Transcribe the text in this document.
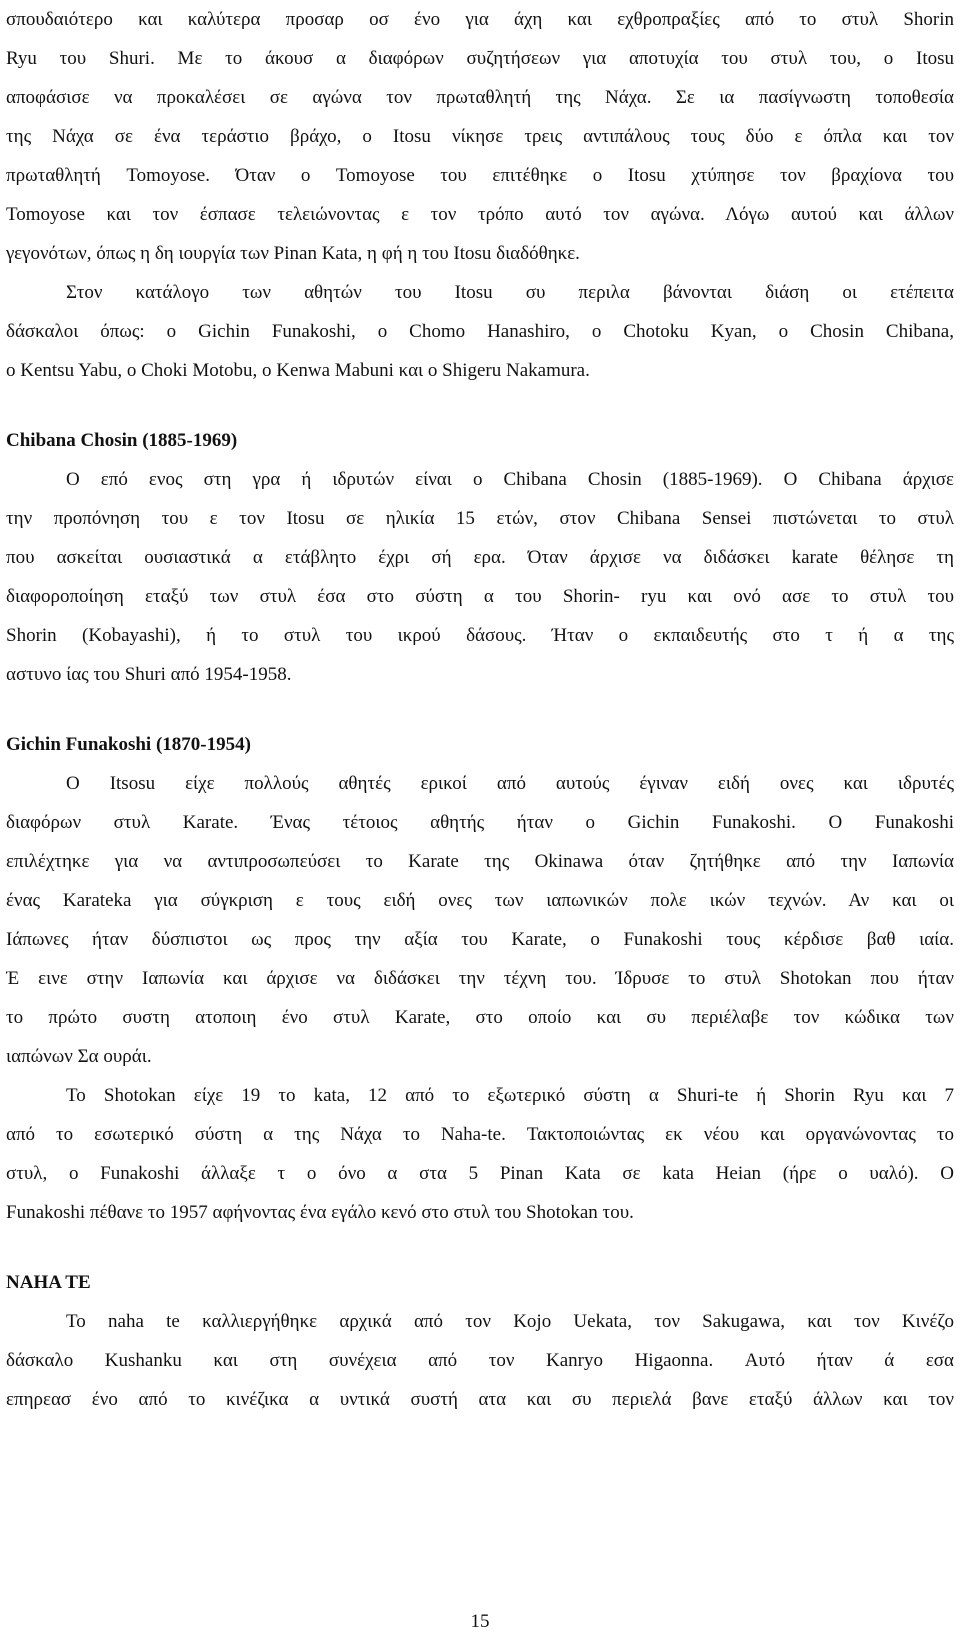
σπουδαιότερο και καλύτερα προσαρ οσ ένο για άχη και εχθροπραξίες από το στυλ Shorin
Ryu του Shuri. Με το άκουσ α διαφόρων συζητήσεων για αποτυχία του στυλ του, ο Itosu
αποφάσισε να προκαλέσει σε αγώνα τον πρωταθλητή της Νάχα. Σε ια πασίγνωστη τοποθεσία
της Νάχα σε ένα τεράστιο βράχο, ο Itosu νίκησε τρεις αντιπάλους τους δύο ε όπλα και τον
πρωταθλητή Tomoyose. Όταν ο Tomoyose του επιτέθηκε ο Itosu χτύπησε τον βραχίονα του
Tomoyose και τον έσπασε τελειώνοντας ε τον τρόπο αυτό τον αγώνα. Λόγω αυτού και άλλων
γεγονότων, όπως η δη ιουργία των Pinan Kata, η φή η του Itosu διαδόθηκε.
Στον κατάλογο των αθητών του Itosu συ περιλα βάνονται διάση οι ετέπειτα
δάσκαλοι όπως: ο Gichin Funakoshi, ο Chomo Hanashiro, ο Chotoku Kyan, ο Chosin Chibana,
ο Kentsu Yabu, ο Choki Motobu, ο Kenwa Mabuni και ο Shigeru Nakamura.
Chibana Chosin (1885-1969)
Ο επό ενος στη γρα ή ιδρυτών είναι ο Chibana Chosin (1885-1969). Ο Chibana άρχισε
την προπόνηση του ε τον Itosu σε ηλικία 15 ετών, στον Chibana Sensei πιστώνεται το στυλ
που ασκείται ουσιαστικά α ετάβλητο έχρι σή ερα. Όταν άρχισε να διδάσκει karate θέλησε τη
διαφοροποίηση εταξύ των στυλ έσα στο σύστη α του Shorin- ryu και ονό ασε το στυλ του
Shorin (Kobayashi), ή το στυλ του ικρού δάσους. Ήταν ο εκπαιδευτής στο τ ή α της
αστυνο ίας του Shuri από 1954-1958.
Gichin Funakoshi (1870-1954)
Ο Itsosu είχε πολλούς αθητές ερικοί από αυτούς έγιναν ειδή ονες και ιδρυτές
διαφόρων στυλ Karate. Ένας τέτοιος αθητής ήταν ο Gichin Funakoshi. Ο Funakoshi
επιλέχτηκε για να αντιπροσωπεύσει το Karate της Okinawa όταν ζητήθηκε από την Ιαπωνία
ένας Karateka για σύγκριση ε τους ειδή ονες των ιαπωνικών πολε ικών τεχνών. Αν και οι
Ιάπωνες ήταν δύσπιστοι ως προς την αξία του Karate, ο Funakoshi τους κέρδισε βαθ ιαία.
Έ εινε στην Ιαπωνία και άρχισε να διδάσκει την τέχνη του. Ίδρυσε το στυλ Shotokan που ήταν
το πρώτο συστη ατοποιη ένο στυλ Karate, στο οποίο και συ περιέλαβε τον κώδικα των
ιαπώνων Σα ουράι.
Το Shotokan είχε 19 το kata, 12 από το εξωτερικό σύστη α Shuri-te ή Shorin Ryu και 7
από το εσωτερικό σύστη α της Νάχα το Naha-te. Τακτοποιώντας εκ νέου και οργανώνοντας το
στυλ, ο Funakoshi άλλαξε τ ο όνο α στα 5 Pinan Kata σε kata Heian (ήρε ο υαλό). Ο
Funakoshi πέθανε το 1957 αφήνοντας ένα εγάλο κενό στο στυλ του Shotokan του.
NAHA TE
Το naha te καλλιεργήθηκε αρχικά από τον Kojo Uekata, τον Sakugawa, και τον Κινέζο
δάσκαλο Kushanku και στη συνέχεια από τον Kanryo Higaonna. Αυτό ήταν ά εσα
επηρεασ ένο από το κινέζικα α υντικά συστή ατα και συ περιελά βανε εταξύ άλλων και τον
15
